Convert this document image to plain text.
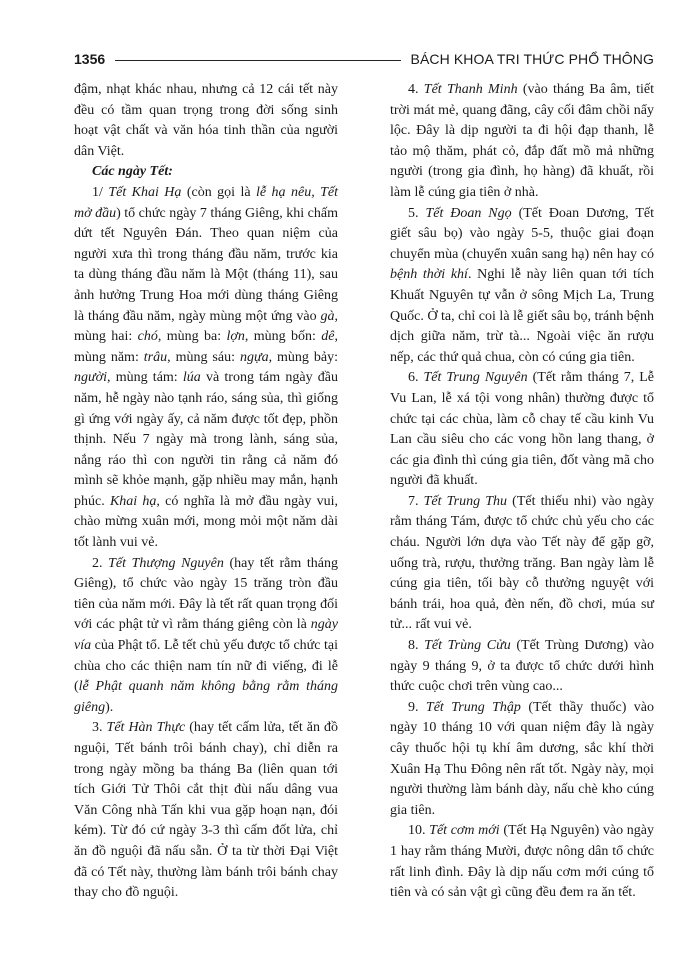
1356	BÁCH KHOA TRI THỨC PHỔ THÔNG

đậm, nhạt khác nhau, nhưng cả 12 cái tết này đều có tầm quan trọng trong đời sống sinh hoạt vật chất và văn hóa tinh thần của người dân Việt.

Các ngày Tết:

1/ Tết Khai Hạ (còn gọi là lễ hạ nêu, Tết mở đầu) tổ chức ngày 7 tháng Giêng, khi chấm dứt tết Nguyên Đán. Theo quan niệm của người xưa thì trong tháng đầu năm, trước kia ta dùng tháng đầu năm là Một (tháng 11), sau ảnh hưởng Trung Hoa mới dùng tháng Giêng là tháng đầu năm, ngày mùng một ứng vào gà, mùng hai: chó, mùng ba: lợn, mùng bốn: dê, mùng năm: trâu, mùng sáu: ngựa, mùng bảy: người, mùng tám: lúa và trong tám ngày đầu năm, hễ ngày nào tạnh ráo, sáng sủa, thì giống gì ứng với ngày ấy, cả năm được tốt đẹp, phồn thịnh. Nếu 7 ngày mà trong lành, sáng sủa, nắng ráo thì con người tin rằng cả năm đó mình sẽ khỏe mạnh, gặp nhiều may mắn, hạnh phúc. Khai hạ, có nghĩa là mở đầu ngày vui, chào mừng xuân mới, mong mỏi một năm dài tốt lành vui vẻ.

2. Tết Thượng Nguyên (hay tết rằm tháng Giêng), tổ chức vào ngày 15 trăng tròn đầu tiên của năm mới. Đây là tết rất quan trọng đối với các phật tử vì rằm tháng giêng còn là ngày vía của Phật tổ. Lễ tết chủ yếu được tổ chức tại chùa cho các thiện nam tín nữ đi viếng, đi lễ (lễ Phật quanh năm không bằng rằm tháng giêng).

3. Tết Hàn Thực (hay tết cấm lửa, tết ăn đồ nguội, Tết bánh trôi bánh chay), chỉ diễn ra trong ngày mồng ba tháng Ba (liên quan tới tích Giới Tử Thôi cắt thịt đùi nấu dâng vua Văn Công nhà Tấn khi vua gặp hoạn nạn, đói kém). Từ đó cứ ngày 3-3 thì cấm đốt lửa, chỉ ăn đồ nguội đã nấu sẵn. Ở ta từ thời Đại Việt đã có Tết này, thường làm bánh trôi bánh chay thay cho đồ nguội.

4. Tết Thanh Minh (vào tháng Ba âm, tiết trời mát mẻ, quang đãng, cây cối đâm chồi nẩy lộc. Đây là dịp người ta đi hội đạp thanh, lễ tảo mộ thăm, phát cỏ, đắp đất mồ mả những người (trong gia đình, họ hàng) đã khuất, rồi làm lễ cúng gia tiên ở nhà.

5. Tết Đoan Ngọ (Tết Đoan Dương, Tết giết sâu bọ) vào ngày 5-5, thuộc giai đoạn chuyển mùa (chuyển xuân sang hạ) nên hay có bệnh thời khí. Nghi lễ này liên quan tới tích Khuất Nguyên tự vẫn ở sông Mịch La, Trung Quốc. Ở ta, chỉ coi là lễ giết sâu bọ, tránh bệnh dịch giữa năm, trừ tà... Ngoài việc ăn rượu nếp, các thứ quả chua, còn có cúng gia tiên.

6. Tết Trung Nguyên (Tết rằm tháng 7, Lễ Vu Lan, lễ xá tội vong nhân) thường được tổ chức tại các chùa, làm cỗ chay tế cầu kinh Vu Lan cầu siêu cho các vong hồn lang thang, ở các gia đình thì cúng gia tiên, đốt vàng mã cho người đã khuất.

7. Tết Trung Thu (Tết thiếu nhi) vào ngày rằm tháng Tám, được tổ chức chủ yếu cho các cháu. Người lớn dựa vào Tết này để gặp gỡ, uống trà, rượu, thưởng trăng. Ban ngày làm lễ cúng gia tiên, tối bày cỗ thưởng nguyệt với bánh trái, hoa quả, đèn nến, đồ chơi, múa sư tử... rất vui vẻ.

8. Tết Trùng Cửu (Tết Trùng Dương) vào ngày 9 tháng 9, ở ta được tổ chức dưới hình thức cuộc chơi trên vùng cao...

9. Tết Trung Thập (Tết thầy thuốc) vào ngày 10 tháng 10 với quan niệm đây là ngày cây thuốc hội tụ khí âm dương, sắc khí thời Xuân Hạ Thu Đông nên rất tốt. Ngày này, mọi người thường làm bánh dày, nấu chè kho cúng gia tiên.

10. Tết cơm mới (Tết Hạ Nguyên) vào ngày 1 hay rằm tháng Mười, được nông dân tổ chức rất linh đình. Đây là dịp nấu cơm mới cúng tổ tiên và có sản vật gì cũng đều đem ra ăn tết.
